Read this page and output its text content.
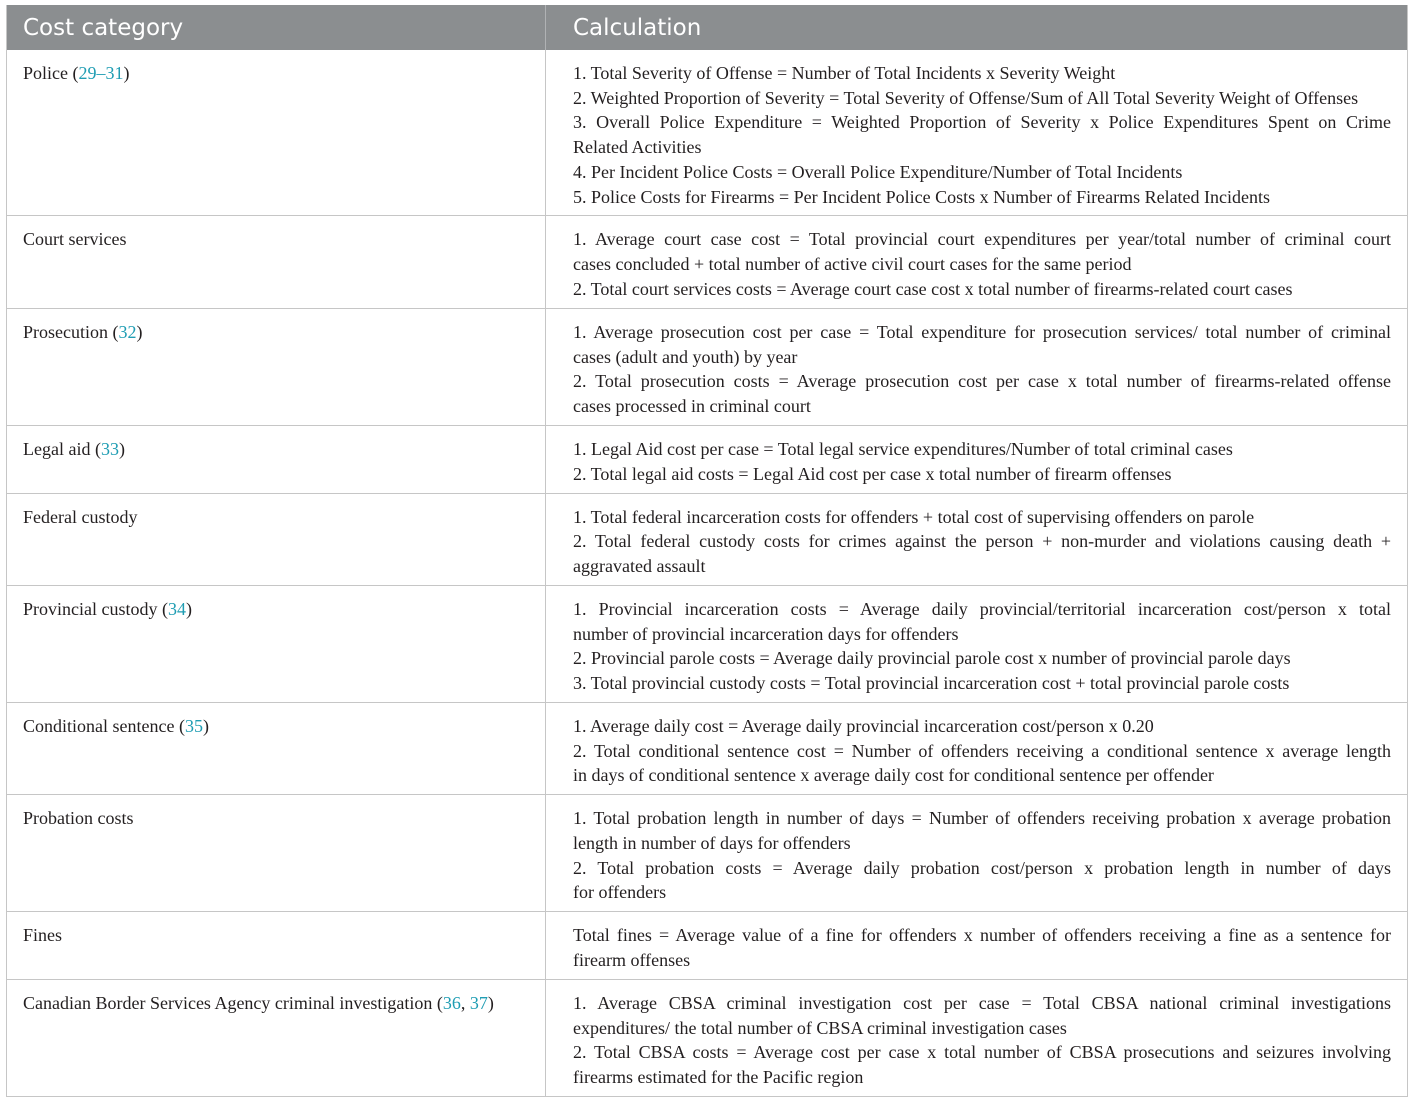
Cost category	Calculation
Police (29–31)	1. Total Severity of Offense = Number of Total Incidents x Severity Weight
2. Weighted Proportion of Severity = Total Severity of Offense/Sum of All Total Severity Weight of Offenses
3. Overall Police Expenditure = Weighted Proportion of Severity x Police Expenditures Spent on Crime
Related Activities
4. Per Incident Police Costs = Overall Police Expenditure/Number of Total Incidents
5. Police Costs for Firearms = Per Incident Police Costs x Number of Firearms Related Incidents
Court services	1. Average court case cost = Total provincial court expenditures per year/total number of criminal court
cases concluded + total number of active civil court cases for the same period
2. Total court services costs = Average court case cost x total number of firearms-related court cases
Prosecution (32)	1. Average prosecution cost per case = Total expenditure for prosecution services/ total number of criminal
cases (adult and youth) by year
2. Total prosecution costs = Average prosecution cost per case x total number of firearms-related offense
cases processed in criminal court
Legal aid (33)	1. Legal Aid cost per case = Total legal service expenditures/Number of total criminal cases
2. Total legal aid costs = Legal Aid cost per case x total number of firearm offenses
Federal custody	1. Total federal incarceration costs for offenders + total cost of supervising offenders on parole
2. Total federal custody costs for crimes against the person + non-murder and violations causing death +
aggravated assault
Provincial custody (34)	1. Provincial incarceration costs = Average daily provincial/territorial incarceration cost/person x total
number of provincial incarceration days for offenders
2. Provincial parole costs = Average daily provincial parole cost x number of provincial parole days
3. Total provincial custody costs = Total provincial incarceration cost + total provincial parole costs
Conditional sentence (35)	1. Average daily cost = Average daily provincial incarceration cost/person x 0.20
2. Total conditional sentence cost = Number of offenders receiving a conditional sentence x average length
in days of conditional sentence x average daily cost for conditional sentence per offender
Probation costs	1. Total probation length in number of days = Number of offenders receiving probation x average probation
length in number of days for offenders
2. Total probation costs = Average daily probation cost/person x probation length in number of days
for offenders
Fines	Total fines = Average value of a fine for offenders x number of offenders receiving a fine as a sentence for
firearm offenses
Canadian Border Services Agency criminal investigation (36, 37)	1. Average CBSA criminal investigation cost per case = Total CBSA national criminal investigations
expenditures/ the total number of CBSA criminal investigation cases
2. Total CBSA costs = Average cost per case x total number of CBSA prosecutions and seizures involving
firearms estimated for the Pacific region
